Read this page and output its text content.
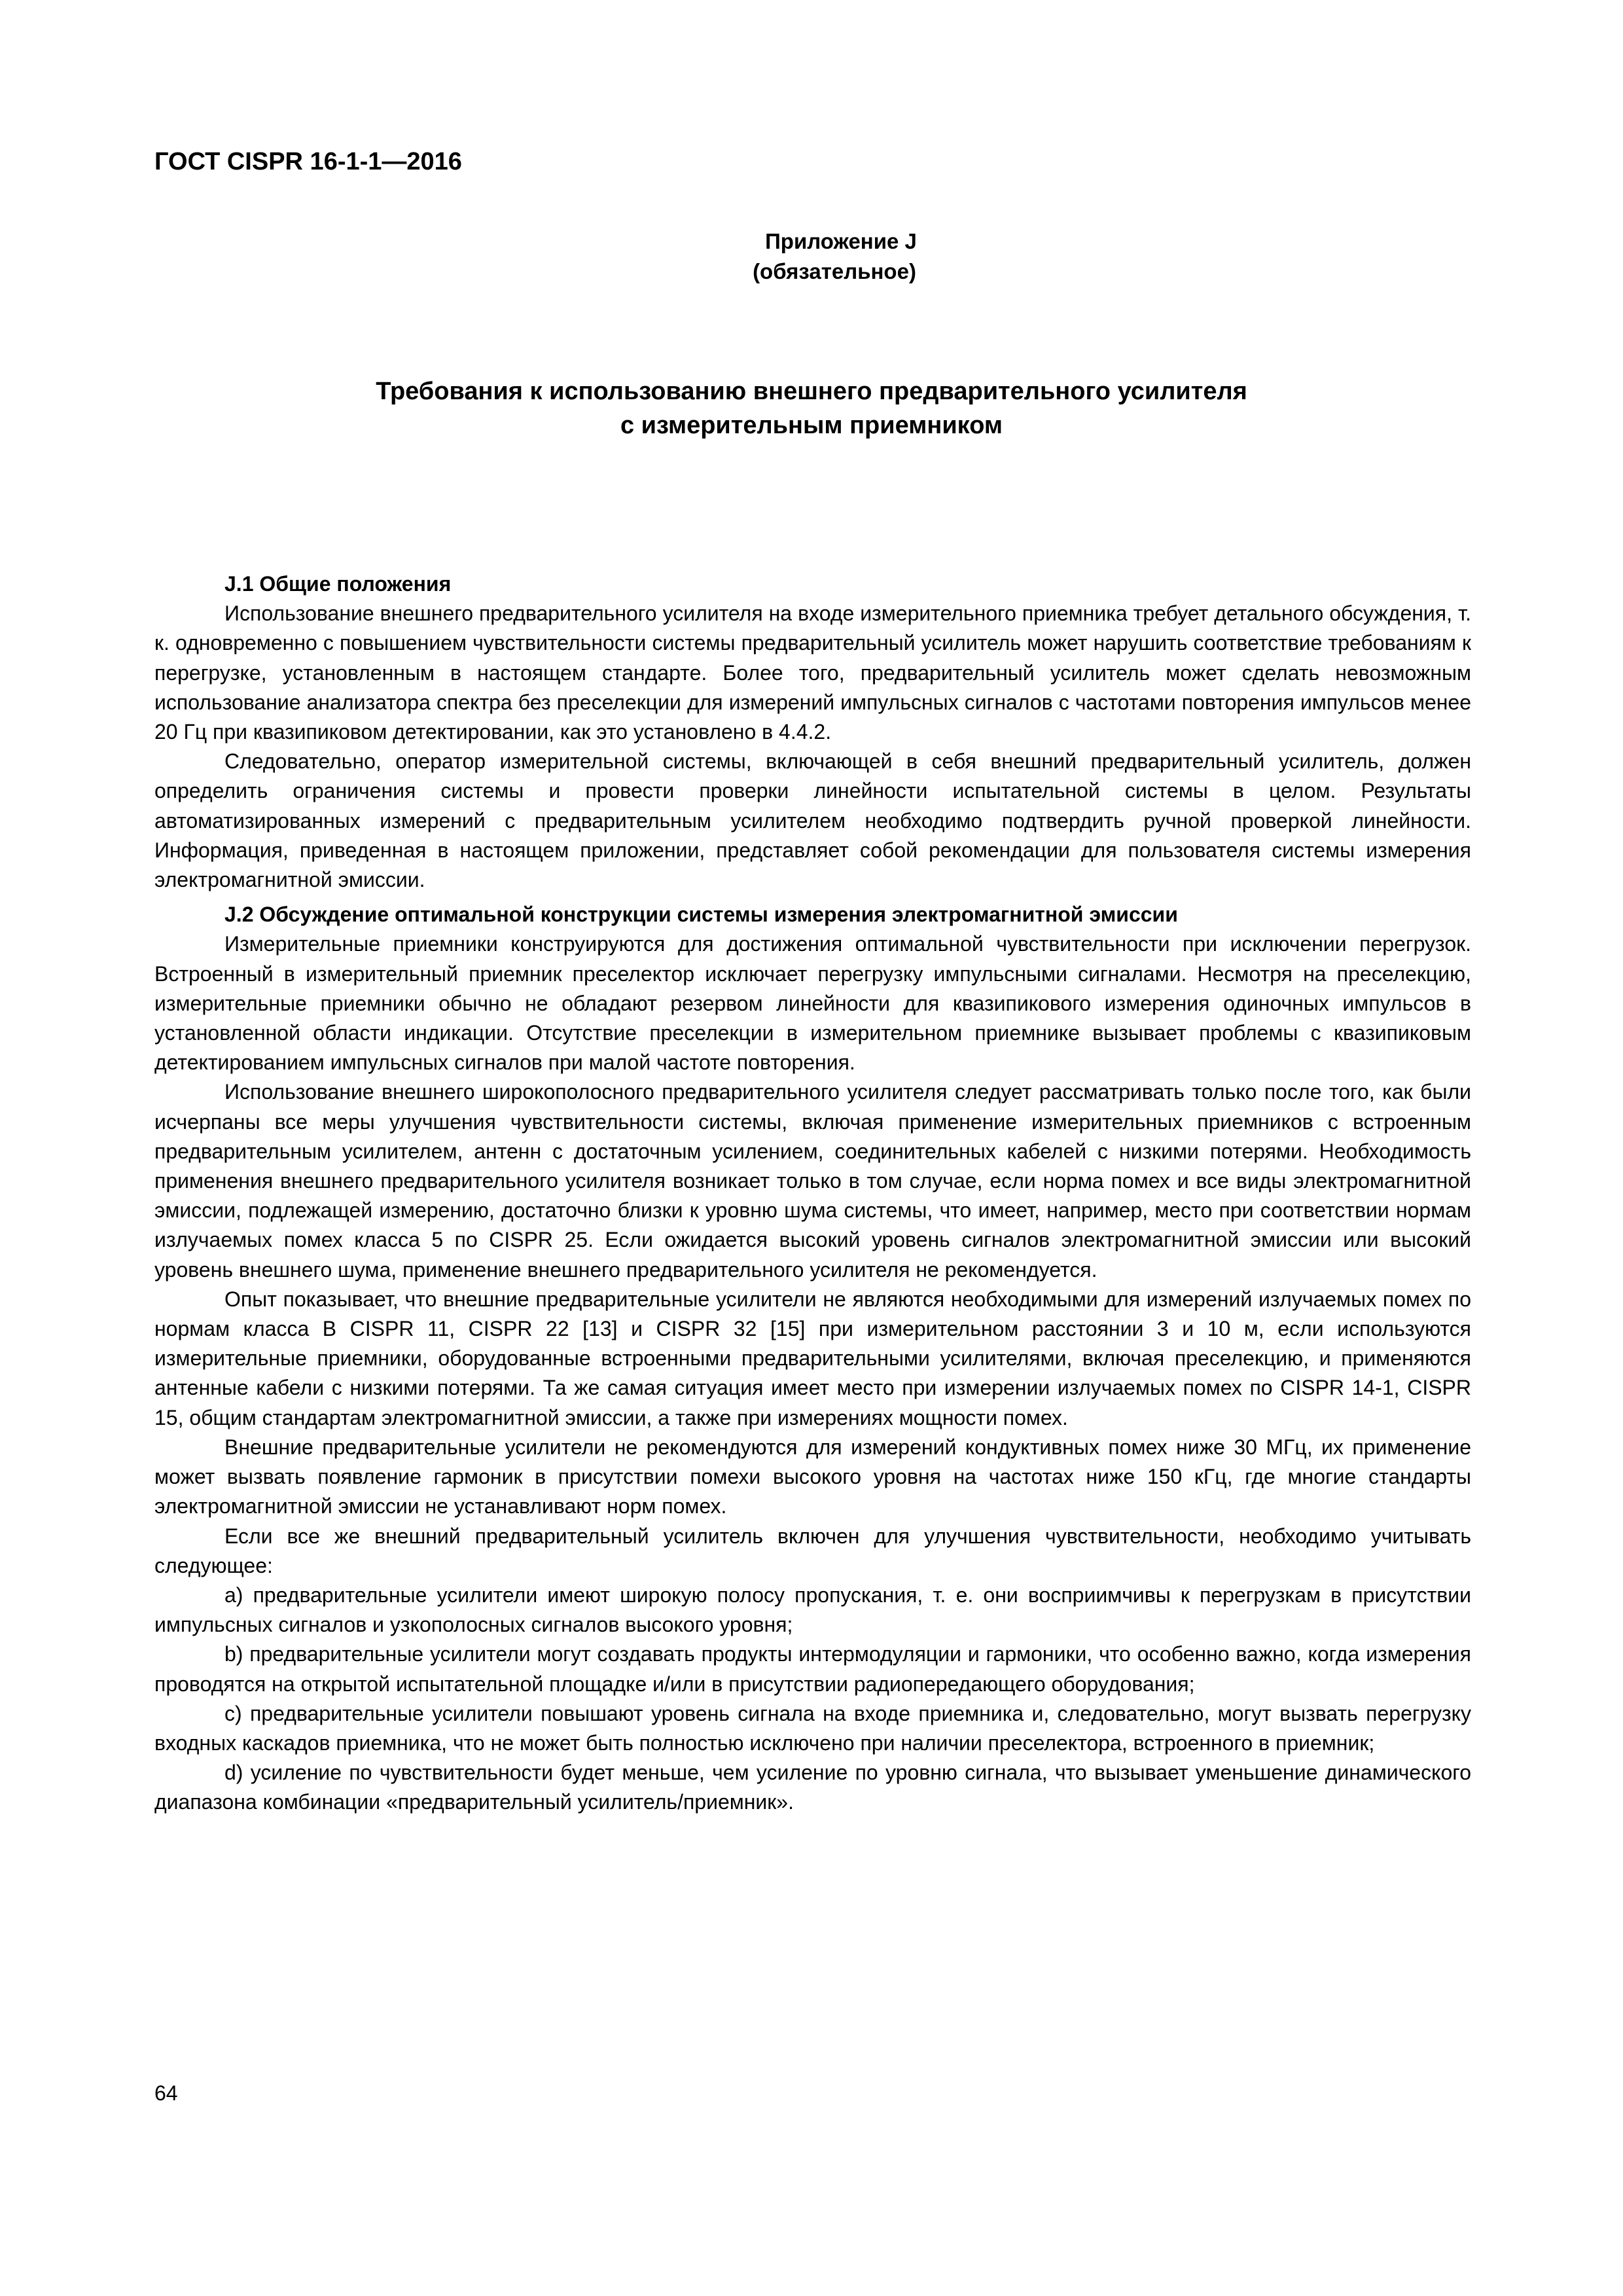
ГОСТ CISPR 16-1-1—2016
Приложение J
(обязательное)
Требования к использованию внешнего предварительного усилителя
с измерительным приемником
J.1 Общие положения

Использование внешнего предварительного усилителя на входе измерительного приемника требует детального обсуждения, т. к. одновременно с повышением чувствительности системы предварительный усилитель может нарушить соответствие требованиям к перегрузке, установленным в настоящем стандарте. Более того, предварительный усилитель может сделать невозможным использование анализатора спектра без преселекции для измерений импульсных сигналов с частотами повторения импульсов менее 20 Гц при квазипиковом детектировании, как это установлено в 4.4.2.

Следовательно, оператор измерительной системы, включающей в себя внешний предварительный усилитель, должен определить ограничения системы и провести проверки линейности испытательной системы в целом. Результаты автоматизированных измерений с предварительным усилителем необходимо подтвердить ручной проверкой линейности. Информация, приведенная в настоящем приложении, представляет собой рекомендации для пользователя системы измерения электромагнитной эмиссии.

J.2 Обсуждение оптимальной конструкции системы измерения электромагнитной эмиссии

Измерительные приемники конструируются для достижения оптимальной чувствительности при исключении перегрузок. Встроенный в измерительный приемник преселектор исключает перегрузку импульсными сигналами. Несмотря на преселекцию, измерительные приемники обычно не обладают резервом линейности для квазипикового измерения одиночных импульсов в установленной области индикации. Отсутствие преселекции в измерительном приемнике вызывает проблемы с квазипиковым детектированием импульсных сигналов при малой частоте повторения.

Использование внешнего широкополосного предварительного усилителя следует рассматривать только после того, как были исчерпаны все меры улучшения чувствительности системы, включая применение измерительных приемников с встроенным предварительным усилителем, антенн с достаточным усилением, соединительных кабелей с низкими потерями. Необходимость применения внешнего предварительного усилителя возникает только в том случае, если норма помех и все виды электромагнитной эмиссии, подлежащей измерению, достаточно близки к уровню шума системы, что имеет, например, место при соответствии нормам излучаемых помех класса 5 по CISPR 25. Если ожидается высокий уровень сигналов электромагнитной эмиссии или высокий уровень внешнего шума, применение внешнего предварительного усилителя не рекомендуется.

Опыт показывает, что внешние предварительные усилители не являются необходимыми для измерений излучаемых помех по нормам класса В CISPR 11, CISPR 22 [13] и CISPR 32 [15] при измерительном расстоянии 3 и 10 м, если используются измерительные приемники, оборудованные встроенными предварительными усилителями, включая преселекцию, и применяются антенные кабели с низкими потерями. Та же самая ситуация имеет место при измерении излучаемых помех по CISPR 14-1, CISPR 15, общим стандартам электромагнитной эмиссии, а также при измерениях мощности помех.

Внешние предварительные усилители не рекомендуются для измерений кондуктивных помех ниже 30 МГц, их применение может вызвать появление гармоник в присутствии помехи высокого уровня на частотах ниже 150 кГц, где многие стандарты электромагнитной эмиссии не устанавливают норм помех.

Если все же внешний предварительный усилитель включен для улучшения чувствительности, необходимо учитывать следующее:

a) предварительные усилители имеют широкую полосу пропускания, т. е. они восприимчивы к перегрузкам в присутствии импульсных сигналов и узкополосных сигналов высокого уровня;

b) предварительные усилители могут создавать продукты интермодуляции и гармоники, что особенно важно, когда измерения проводятся на открытой испытательной площадке и/или в присутствии радиопередающего оборудования;

c) предварительные усилители повышают уровень сигнала на входе приемника и, следовательно, могут вызвать перегрузку входных каскадов приемника, что не может быть полностью исключено при наличии преселектора, встроенного в приемник;

d) усиление по чувствительности будет меньше, чем усиление по уровню сигнала, что вызывает уменьшение динамического диапазона комбинации «предварительный усилитель/приемник».

64
